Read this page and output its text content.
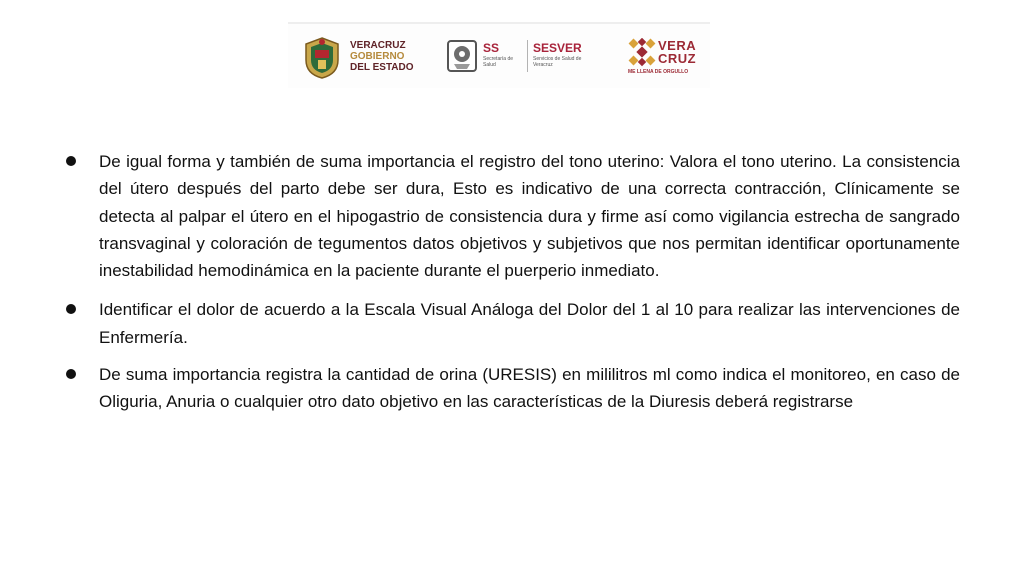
VERACRUZ
GOBIERNO
DEL ESTADO
SS
Secretaría de Salud
SESVER
Servicios de Salud de Veracruz
VERA
CRUZ
ME LLENA DE ORGULLO
De igual forma y también de suma importancia el registro del tono uterino: Valora el tono uterino. La consistencia del útero después del parto debe ser dura, Esto es indicativo de una correcta contracción, Clínicamente se detecta al palpar el útero en el hipogastrio de consistencia dura y firme así como vigilancia estrecha de sangrado transvaginal y coloración de tegumentos datos objetivos y subjetivos que nos permitan identificar oportunamente inestabilidad hemodinámica en la paciente durante el puerperio inmediato.
Identificar el dolor de acuerdo a la Escala Visual Análoga del Dolor del 1 al 10 para realizar las intervenciones de Enfermería.
De suma importancia registra la cantidad de orina (URESIS) en mililitros ml como indica el monitoreo, en caso de Oliguria, Anuria o cualquier otro dato objetivo en las características de la Diuresis deberá registrarse
